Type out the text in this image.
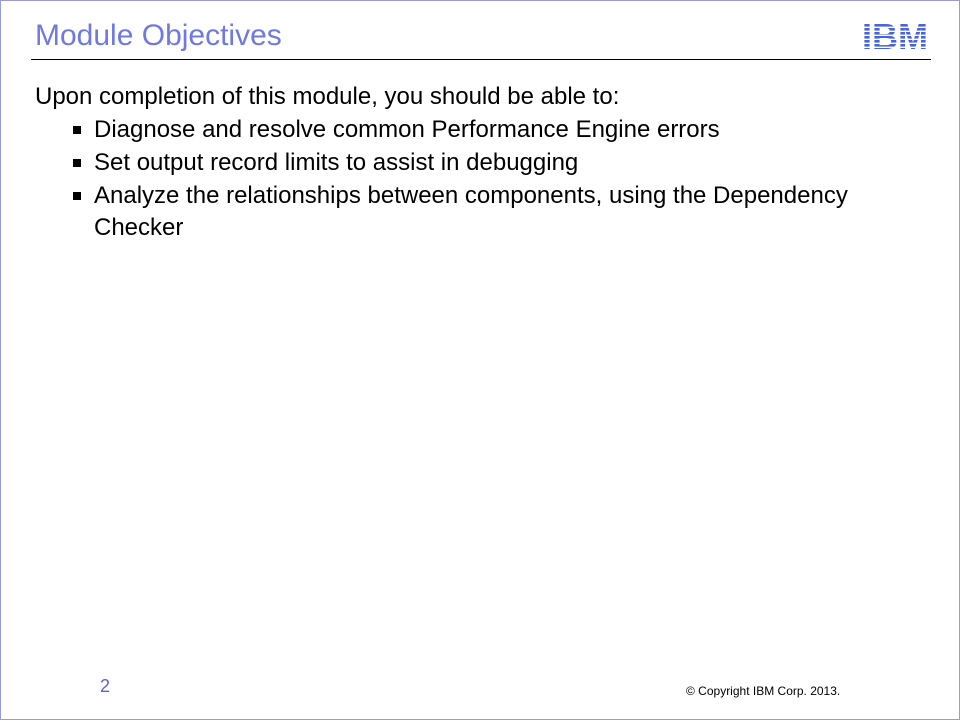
Module Objectives	IBM

Upon completion of this module, you should be able to:

Diagnose and resolve common Performance Engine errors
Set output record limits to assist in debugging
Analyze the relationships between components, using the Dependency Checker
2	© Copyright IBM Corp. 2013.
